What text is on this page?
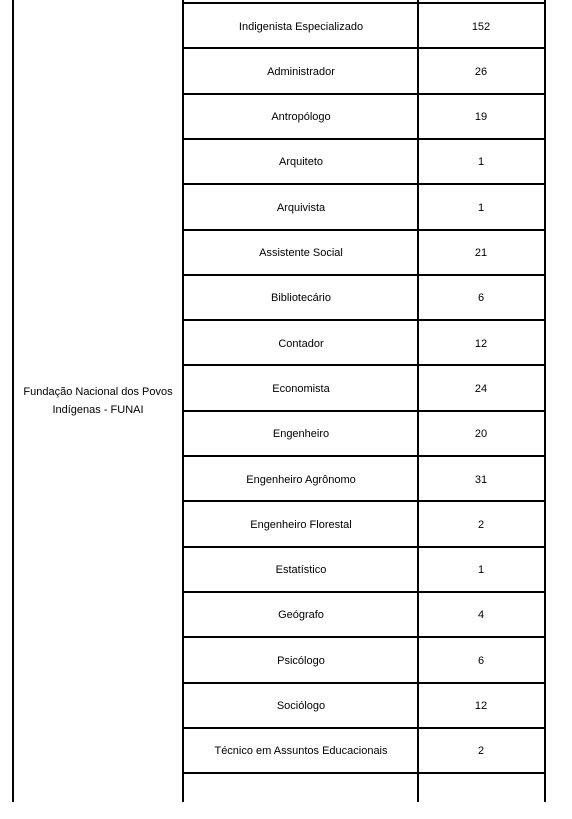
Fundação Nacional dos Povos
Indígenas - FUNAI
Indigenista Especializado	152
Administrador	26
Antropólogo	19
Arquiteto	1
Arquivista	1
Assistente Social	21
Bibliotecário	6
Contador	12
Economista	24
Engenheiro	20
Engenheiro Agrônomo	31
Engenheiro Florestal	2
Estatístico	1
Geógrafo	4
Psicólogo	6
Sociólogo	12
Técnico em Assuntos Educacionais	2
